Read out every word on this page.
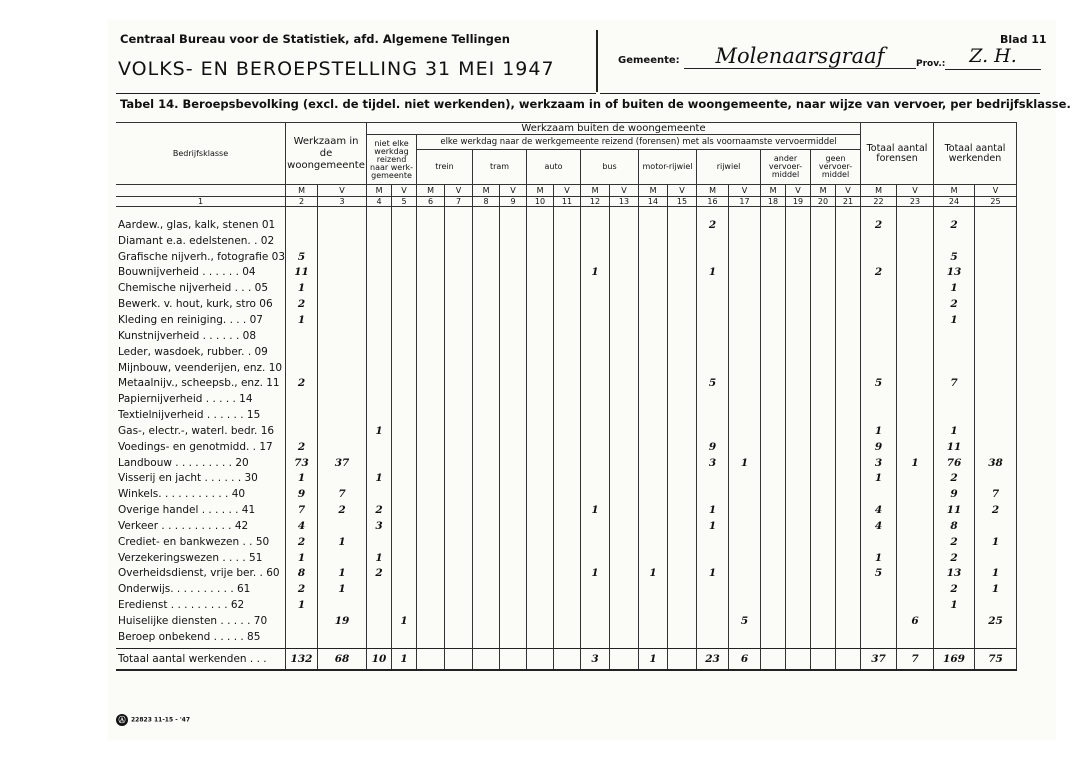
Centraal Bureau voor de Statistiek, afd. Algemene Tellingen
VOLKS- EN BEROEPSTELLING 31 MEI 1947	Gemeente:	Molenaarsgraaf	Prov.:	Z. H.
Blad 11
Tabel 14. Beroepsbevolking (excl. de tijdel. niet werkenden), werkzaam in of buiten de woongemeente, naar wijze van vervoer, per bedrijfsklasse.
Bedrijfsklasse	Werkzaam in de woongemeente		Werkzaam buiten de woongemeente																		Totaal aantal forensen		Totaal aantal werkenden	
			niet elke werkdag reizend naar werk-gemeente		elke werkdag naar de werkgemeente reizend (forensen) met als voornaamste vervoermiddel																			
					trein		tram		auto		bus		motor-rijwiel		rijwiel		ander vervoer-middel		geen vervoer-middel					
	M	V	M	V	M	V	M	V	M	V	M	V	M	V	M	V	M	V	M	V	M	V	M	V
1	2	3	4	5	6	7	8	9	10	11	12	13	14	15	16	17	18	19	20	21	22	23	24	25

Aardew., glas, kalk, stenen 01															2						2		2	
Diamant e.a. edelstenen. . 02																								
Grafische nijverh., fotografie 03	5																						5	
Bouwnijverheid . . . . . . 04	11										1				1						2		13	
Chemische nijverheid . . . 05	1																						1	
Bewerk. v. hout, kurk, stro 06	2																						2	
Kleding en reiniging. . . . 07	1																						1	
Kunstnijverheid . . . . . . 08																								
Leder, wasdoek, rubber. . 09																								
Mijnbouw, veenderijen, enz. 10																								
Metaalnijv., scheepsb., enz. 11	2														5						5		7	
Papiernijverheid . . . . . 14																								
Textielnijverheid . . . . . . 15																								
Gas-, electr.-, waterl. bedr. 16			1																		1		1	
Voedings- en genotmidd. . 17	2														9						9		11	
Landbouw . . . . . . . . . 20	73	37													3	1					3	1	76	38
Visserij en jacht . . . . . . 30	1		1																		1		2	
Winkels. . . . . . . . . . . 40	9	7																					9	7
Overige handel . . . . . . 41	7	2	2								1				1						4		11	2
Verkeer . . . . . . . . . . . 42	4		3												1						4		8	
Crediet- en bankwezen . . 50	2	1																					2	1
Verzekeringswezen . . . . 51	1		1																		1		2	
Overheidsdienst, vrije ber. . 60	8	1	2								1		1		1						5		13	1
Onderwijs. . . . . . . . . . 61	2	1																					2	1
Eredienst . . . . . . . . . 62	1																						1	
Huiselijke diensten . . . . . 70		19		1												5						6		25
Beroep onbekend . . . . . 85																								

Totaal aantal werkenden . . .	132	68	10	1							3		1		23	6					37	7	169	75
Ⓐ 22823 11-15 - '47
